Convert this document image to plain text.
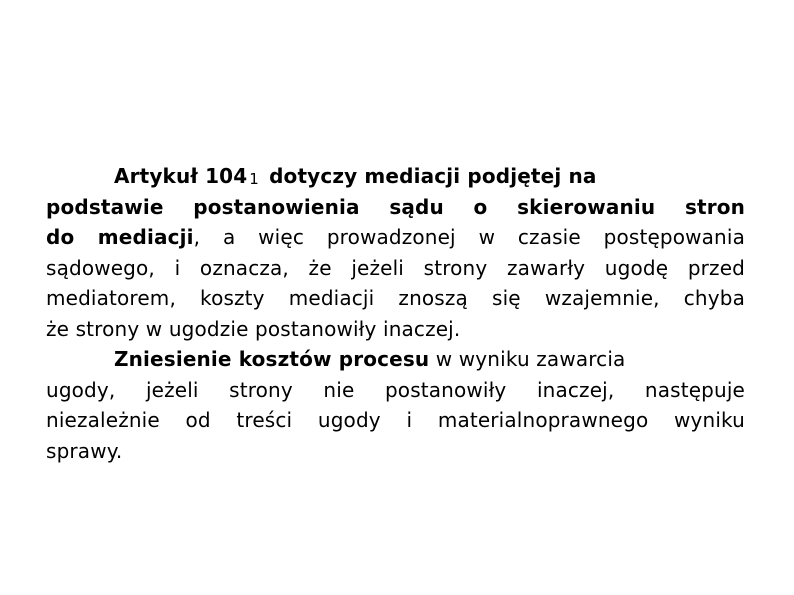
Artykuł 104 1 dotyczy mediacji podjętej na
podstawie postanowienia sądu o skierowaniu stron
do mediacji, a więc prowadzonej w czasie postępowania
sądowego, i oznacza, że jeżeli strony zawarły ugodę przed
mediatorem, koszty mediacji znoszą się wzajemnie, chyba
że strony w ugodzie postanowiły inaczej.
Zniesienie kosztów procesu w wyniku zawarcia
ugody, jeżeli strony nie postanowiły inaczej, następuje
niezależnie od treści ugody i materialnoprawnego wyniku
sprawy.
